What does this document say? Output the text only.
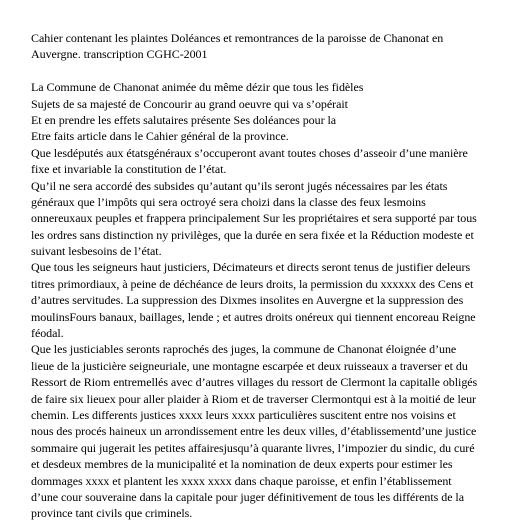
Cahier contenant les plaintes Doléances et remontrances de la paroisse de Chanonat en
Auvergne. transcription CGHC-2001
La Commune de Chanonat animée du même dézir que tous les fidèles
Sujets de sa majesté de Concourir au grand oeuvre qui va s’opérait
Et en prendre les effets salutaires présente Ses doléances pour la
Etre faits article dans le Cahier général de la province.
Que lesdéputés aux étatsgénéraux s’occuperont avant toutes choses d’asseoir d’une manière
fixe et invariable la constitution de l’état.
Qu’il ne sera accordé des subsides qu’autant qu’ils seront jugés nécessaires par les états
généraux que l’impôts qui sera octroyé sera choizi dans la classe des feux lesmoins
onnereuxaux peuples et frappera principalement Sur les propriétaires et sera supporté par tous
les ordres sans distinction ny privilèges, que la durée en sera fixée et la Réduction modeste et
suivant lesbesoins de l’état.
Que tous les seigneurs haut justiciers, Décimateurs et directs seront tenus de justifier deleurs
titres primordiaux, à peine de déchéance de leurs droits, la permission du xxxxxx des Cens et
d’autres servitudes. La suppression des Dixmes insolites en Auvergne et la suppression des
moulinsFours banaux, baillages, lende ; et autres droits onéreux qui tiennent encoreau Reigne
féodal.
Que les justiciables seronts raprochés des juges, la commune de Chanonat éloignée d’une
lieue de la justicière seigneuriale, une montagne escarpée et deux ruisseaux a traverser et du
Ressort de Riom entremellés avec d’autres villages du ressort de Clermont la capitalle obligés
de faire six lieuex pour aller plaider à Riom et de traverser Clermontqui est à la moitié de leur
chemin. Les differents justices xxxx leurs xxxx particulières suscitent entre nos voisins et
nous des procés haineux un arrondissement entre les deux villes, d’établissementd’une justice
sommaire qui jugerait les petites affairesjusqu’à quarante livres, l’impozier du sindic, du curé
et desdeux membres de la municipalité et la nomination de deux experts pour estimer les
dommages xxxx et plantent les xxxx xxxx dans chaque paroisse, et enfin l’établissement
d’une cour souveraine dans la capitale pour juger définitivement de tous les différents de la
province tant civils que criminels.
